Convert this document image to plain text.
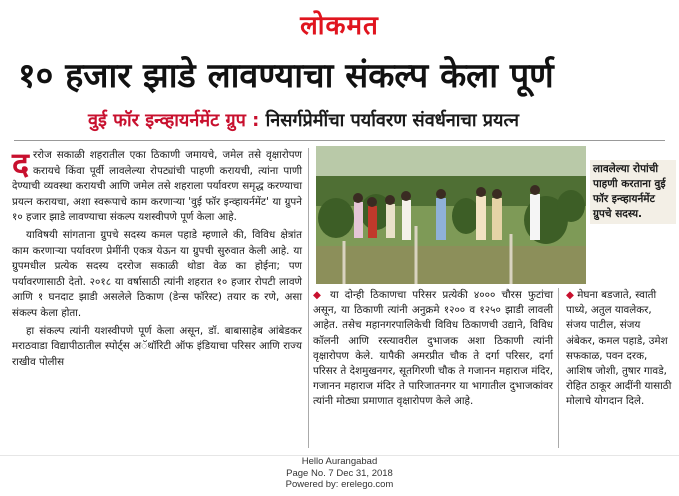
लोकमत
१० हजार झाडे लावण्याचा संकल्प केला पूर्ण
वुई फॉर इन्व्हायर्नमेंट ग्रुप : निसर्गप्रेमींचा पर्यावरण संवर्धनाचा प्रयत्न

दररोज सकाळी शहरातील एका ठिकाणी जमायचे, जमेल तसे वृक्षारोपण करायचे किंवा पूर्वी लावलेल्या रोपट्यांची पाहणी करायची, त्यांना पाणी देण्याची व्यवस्था करायची आणि जमेल तसे शहराला पर्यावरण समृद्ध करण्याचा प्रयत्न करायचा, अशा स्वरूपाचे काम करणाऱ्या 'वुई फॉर इन्व्हायर्नमेंट' या ग्रुपने १० हजार झाडे लावण्याचा संकल्प यशस्वीपणे पूर्ण केला आहे.

याविषयी सांगताना ग्रुपचे सदस्य कमल पहाडे म्हणाले की, विविध क्षेत्रांत काम करणाऱ्या पर्यावरण प्रेमींनी एकत्र येऊन या ग्रुपची सुरुवात केली आहे. या ग्रुपमधील प्रत्येक सदस्य दररोज सकाळी थोडा वेळ का होईना; पण पर्यावरणासाठी देतो. २०१८ या वर्षासाठी त्यांनी शहरात १० हजार रोपटी लावणे आणि १ घनदाट झाडी असलेले ठिकाण (डेन्स फॉरेस्ट) तयार क रणे, असा संकल्प केला होता.

हा संकल्प त्यांनी यशस्वीपणे पूर्ण केला असून, डॉ. बाबासाहेब आंबेडकर मराठवाडा विद्यापीठातील स्पोर्ट्स अॅथॉरिटी ऑफ इंडियाचा परिसर आणि राज्य राखीव पोलीस

लावलेल्या रोपांची पाहणी करताना वुई फॉर इन्व्हायर्नमेंट ग्रुपचे सदस्य.
◆ या दोन्ही ठिकाणचा परिसर प्रत्येकी ४००० चौरस फुटांचा असून, या ठिकाणी त्यांनी अनुक्रमे १२०० व १२५० झाडी लावली आहेत. तसेच महानगरपालिकेची विविध ठिकाणची उद्याने, विविध कॉलनी आणि रस्त्यावरील दुभाजक अशा ठिकाणी त्यांनी वृक्षारोपण केले. यापैकी अमरप्रीत चौक ते दर्गा परिसर, दर्गा परिसर ते देशमुखनगर, सूतगिरणी चौक ते गजानन महाराज मंदिर, गजानन महाराज मंदिर ते पारिजातनगर या भागातील दुभाजकांवर त्यांनी मोठ्या प्रमाणात वृक्षारोपण केले आहे.
◆ मेघना बडजाते, स्वाती पाध्ये, अतुल यावलेकर, संजय पाटील, संजय अंबेकर, कमल पहाडे, उमेश सफकाळ, पवन दरक, आशिष जोशी, तुषार गावडे, रोहित ठाकूर आदींनी यासाठी मोलाचे योगदान दिले.
Hello Aurangabad
Page No. 7 Dec 31, 2018
Powered by: erelego.com
